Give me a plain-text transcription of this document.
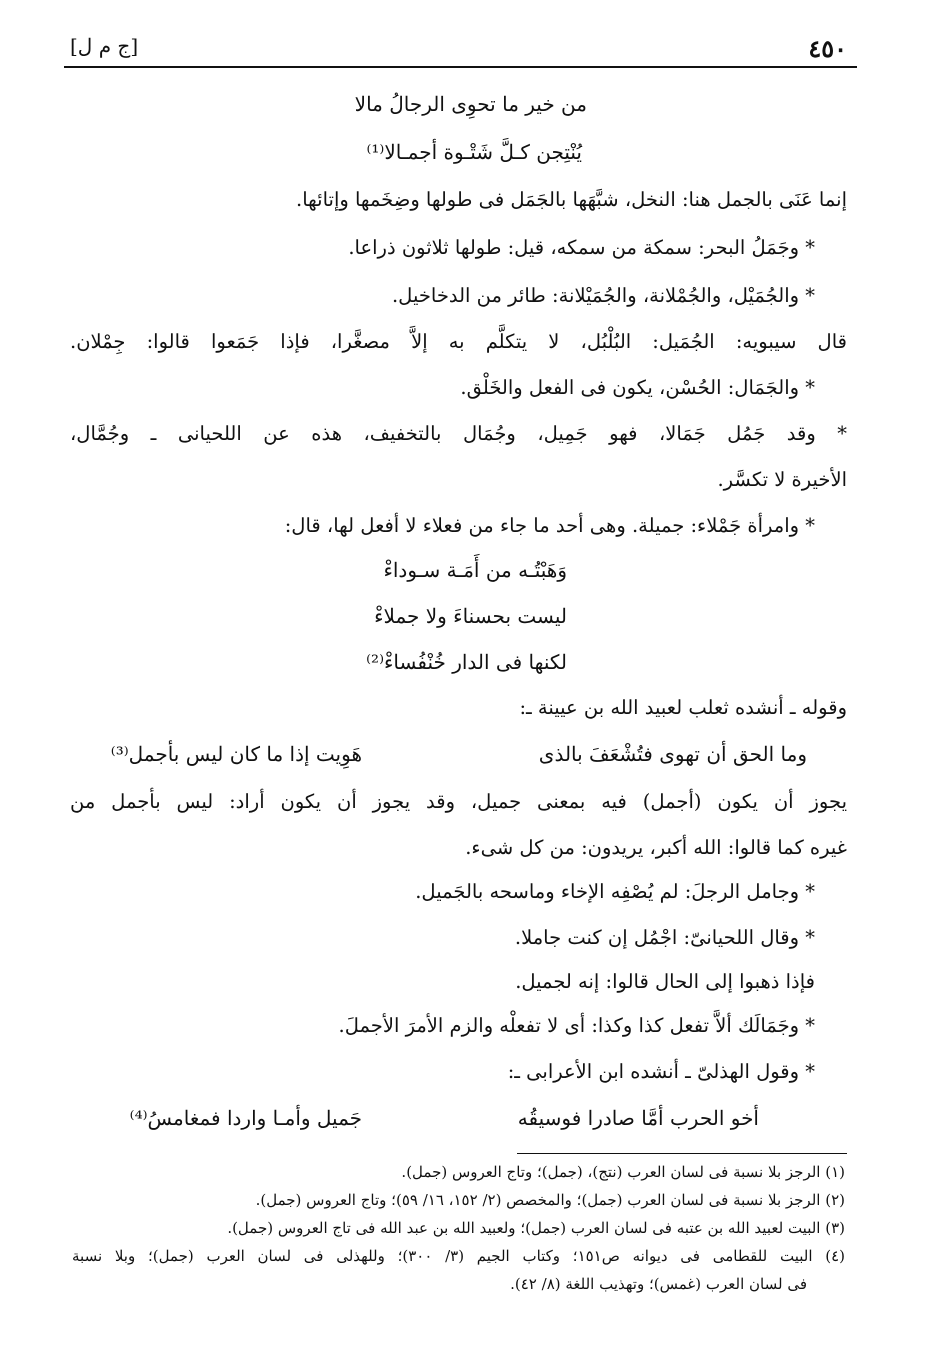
[ج م ل]	٤٥٠
من خير ما تحوِى الرجالُ مالا
يُنْتِجن كـلَّ شَتْـوة أجمـالا⁽¹⁾
إنما عَنَى بالجمل هنا: النخل، شبَّهَها بالجَمَل فى طولها وضِخَمها وإتائها.
* وجَمَلُ البحر: سمكة من سمكه، قيل: طولها ثلاثون ذراعا.
* والجُمَيْل، والجُمْلانة، والجُمَيْلانة: طائر من الدخاخيل.
قال سيبويه: الجُمَيل: البُلْبُل، لا يتكلَّم به إلاَّ مصغَّرا، فإذا جَمَعوا قالوا: جِمْلان.
* والجَمَال: الحُسْن، يكون فى الفعل والخَلْق.
* وقد جَمُل جَمَالا، فهو جَمِيل، وجُمَال بالتخفيف، هذه عن اللحيانى ـ وجُمَّال،
الأخيرة لا تكسَّر.
* وامرأة جَمْلاء: جميلة. وهى أحد ما جاء من فعلاء لا أفعل لها، قال:
وَهَبْتُـه من أَمَـة سـوداءْ
ليست بحسناءَ ولا جملاءْ
لكنها فى الدار خُنْفُساءْ⁽²⁾
وقوله ـ أنشده ثعلب لعبيد الله بن عيينة ـ:
وما الحق أن تهوى فتُشْعَفَ بالذى
هَوِيت إذا ما كان ليس بأجمل⁽³⁾
يجوز أن يكون (أجمل) فيه بمعنى جميل، وقد يجوز أن يكون أراد: ليس بأجمل من
غيره كما قالوا: الله أكبر، يريدون: من كل شىء.
* وجامل الرجلَ: لم يُصْفِه الإخاء وماسحه بالجَميل.
* وقال اللحيانىّ: اجْمُل إن كنت جاملا.
فإذا ذهبوا إلى الحال قالوا: إنه لجميل.
* وجَمَالَك ألاَّ تفعل كذا وكذا: أى لا تفعلْه والزم الأمرَ الأجملَ.
* وقول الهذلىّ ـ أنشده ابن الأعرابى ـ:
أخو الحرب أمَّا صادرا فوسيقُه
جَميل وأمـا واردا فمغامسُ⁽⁴⁾
(١) الرجز بلا نسبة فى لسان العرب (نتج)، (جمل)؛ وتاج العروس (جمل).
(٢) الرجز بلا نسبة فى لسان العرب (جمل)؛ والمخصص (٢/ ١٥٢، ١٦/ ٥٩)؛ وتاج العروس (جمل).
(٣) البيت لعبيد الله بن عتبه فى لسان العرب (جمل)؛ ولعبيد الله بن عبد الله فى تاج العروس (جمل).
(٤) البيت للقطامى فى ديوانه ص١٥١؛ وكتاب الجيم (٣/ ٣٠٠)؛ وللهذلى فى لسان العرب (جمل)؛ وبلا نسبة
فى لسان العرب (غمس)؛ وتهذيب اللغة (٨/ ٤٢).
